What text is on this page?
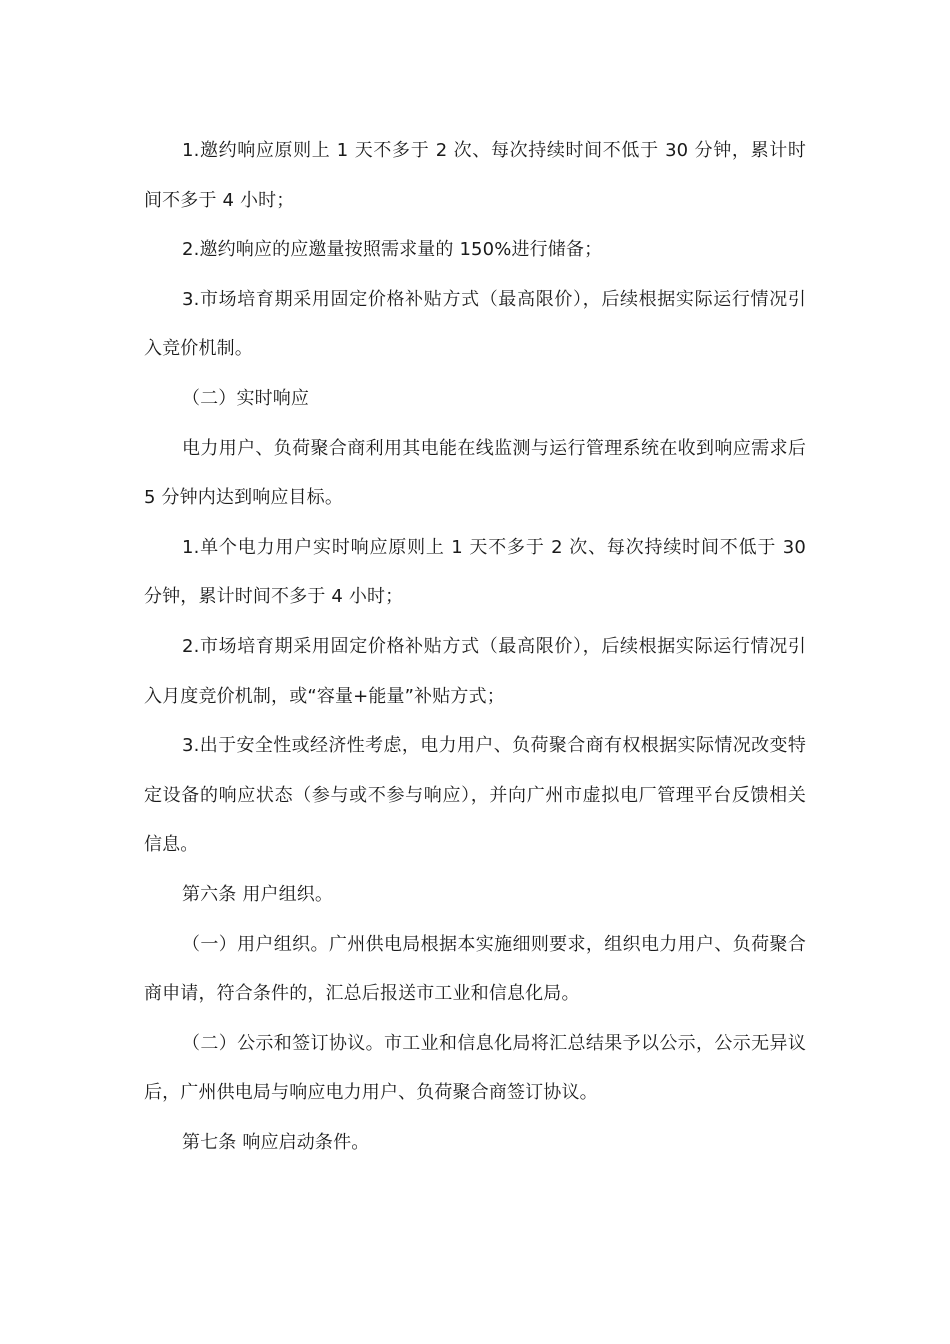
1.邀约响应原则上 1 天不多于 2 次、每次持续时间不低于 30 分钟，累计时间不多于 4 小时；

2.邀约响应的应邀量按照需求量的 150%进行储备；

3.市场培育期采用固定价格补贴方式（最高限价），后续根据实际运行情况引入竞价机制。

（二）实时响应

电力用户、负荷聚合商利用其电能在线监测与运行管理系统在收到响应需求后 5 分钟内达到响应目标。

1.单个电力用户实时响应原则上 1 天不多于 2 次、每次持续时间不低于 30 分钟，累计时间不多于 4 小时；

2.市场培育期采用固定价格补贴方式（最高限价），后续根据实际运行情况引入月度竞价机制，或“容量+能量”补贴方式；

3.出于安全性或经济性考虑，电力用户、负荷聚合商有权根据实际情况改变特定设备的响应状态（参与或不参与响应），并向广州市虚拟电厂管理平台反馈相关信息。

第六条 用户组织。

（一）用户组织。广州供电局根据本实施细则要求，组织电力用户、负荷聚合商申请，符合条件的，汇总后报送市工业和信息化局。

（二）公示和签订协议。市工业和信息化局将汇总结果予以公示，公示无异议后，广州供电局与响应电力用户、负荷聚合商签订协议。

第七条 响应启动条件。
